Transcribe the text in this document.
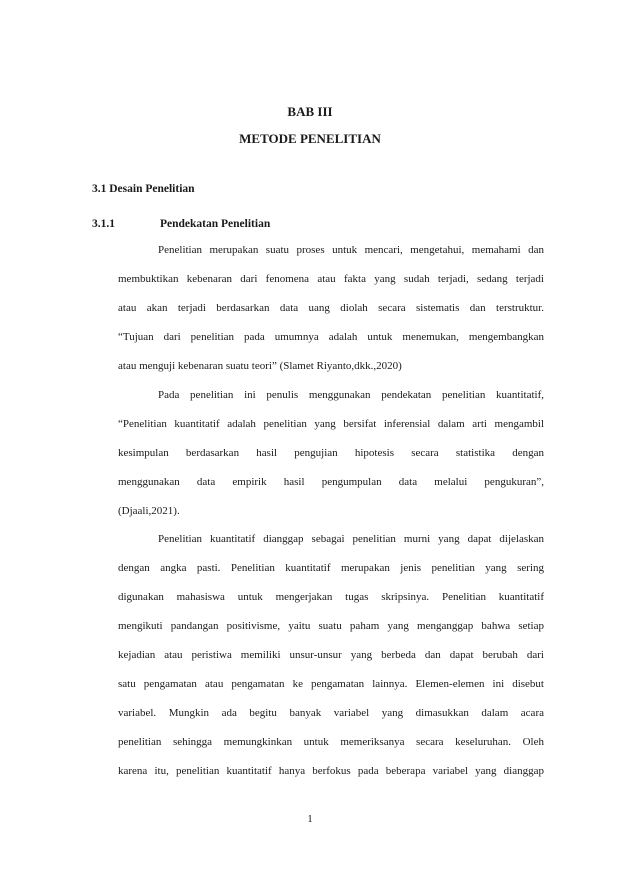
BAB III
METODE PENELITIAN
3.1 Desain Penelitian
3.1.1	Pendekatan Penelitian
Penelitian merupakan suatu proses untuk mencari, mengetahui, memahami dan
membuktikan kebenaran dari fenomena atau fakta yang sudah terjadi, sedang terjadi
atau akan terjadi berdasarkan data uang diolah secara sistematis dan terstruktur.
“Tujuan dari penelitian pada umumnya adalah untuk menemukan, mengembangkan
atau menguji kebenaran suatu teori” (Slamet Riyanto,dkk.,2020)
Pada penelitian ini penulis menggunakan pendekatan penelitian kuantitatif,
“Penelitian kuantitatif adalah penelitian yang bersifat inferensial dalam arti mengambil
kesimpulan berdasarkan hasil pengujian hipotesis secara statistika dengan
menggunakan data empirik hasil pengumpulan data melalui pengukuran”,
(Djaali,2021).
Penelitian kuantitatif dianggap sebagai penelitian murni yang dapat dijelaskan
dengan angka pasti. Penelitian kuantitatif merupakan jenis penelitian yang sering
digunakan mahasiswa untuk mengerjakan tugas skripsinya. Penelitian kuantitatif
mengikuti pandangan positivisme, yaitu suatu paham yang menganggap bahwa setiap
kejadian atau peristiwa memiliki unsur-unsur yang berbeda dan dapat berubah dari
satu pengamatan atau pengamatan ke pengamatan lainnya. Elemen-elemen ini disebut
variabel. Mungkin ada begitu banyak variabel yang dimasukkan dalam acara
penelitian sehingga memungkinkan untuk memeriksanya secara keseluruhan. Oleh
karena itu, penelitian kuantitatif hanya berfokus pada beberapa variabel yang dianggap
1
